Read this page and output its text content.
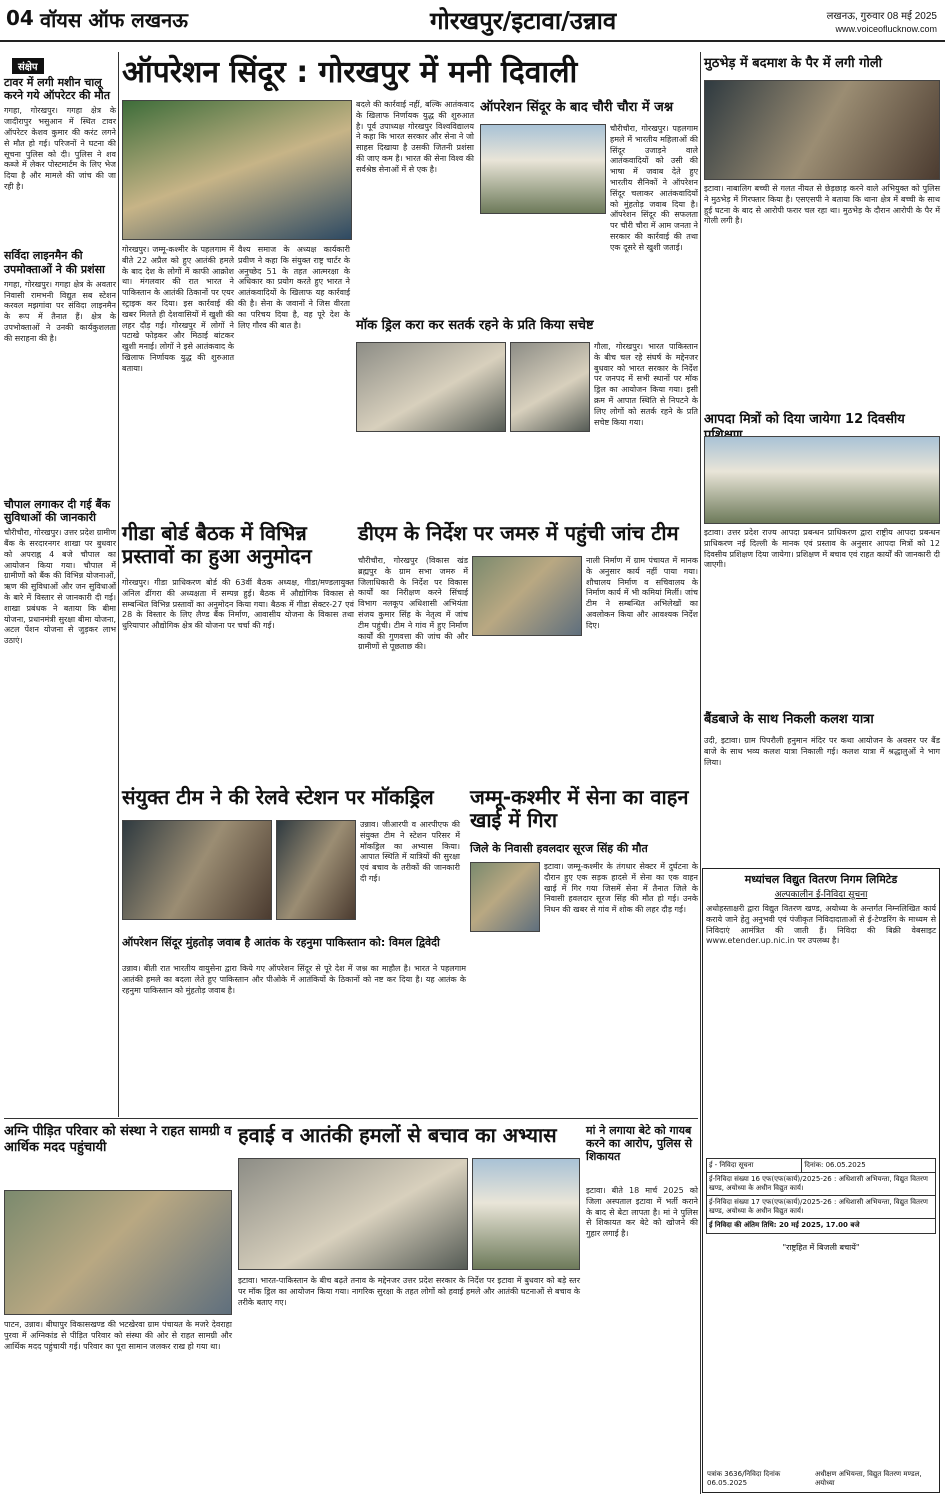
04 वॉयस ऑफ लखनऊ	गोरखपुर/इटावा/उन्नाव	लखनऊ, गुरुवार 08 मई 2025
www.voiceoflucknow.com
संक्षेप
टावर में लगी मशीन चालू करने गये ऑपरेटर की मौत
गगहा, गोरखपुर। गगहा क्षेत्र के जादीरापुर भसुआन में स्थित टावर ऑपरेटर केशव कुमार की करंट लगने से मौत हो गई। परिजनों ने घटना की सूचना पुलिस को दी। पुलिस ने शव कब्जे में लेकर पोस्टमार्टम के लिए भेज दिया है और मामले की जांच की जा रही है।
सर्विदा लाइनमैन की उपमोक्ताओं ने की प्रशंसा
गगहा, गोरखपुर। गगहा क्षेत्र के अवतार निवासी रामभनी विद्युत सब स्टेशन करवल मझगांवा पर संविदा लाइनमैन के रूप में तैनात हैं। क्षेत्र के उपभोक्ताओं ने उनकी कार्यकुशलता की सराहना की है।
चौपाल लगाकर दी गई बैंक सुविधाओं की जानकारी
चौरीचौरा, गोरखपुर। उत्तर प्रदेश ग्रामीण बैंक के सरदारनगर शाखा पर बुधवार को अपराह्न 4 बजे चौपाल का आयोजन किया गया। चौपाल में ग्रामीणों को बैंक की विभिन्न योजनाओं, ऋण की सुविधाओं और जन सुविधाओं के बारे में विस्तार से जानकारी दी गई। शाखा प्रबंधक ने बताया कि बीमा योजना, प्रधानमंत्री सुरक्षा बीमा योजना, अटल पेंशन योजना से जुड़कर लाभ उठाएं।
ऑपरेशन सिंदूर : गोरखपुर में मनी दिवाली
गोरखपुर। जम्मू-कश्मीर के पहलगाम में बीते 22 अप्रैल को हुए आतंकी हमले के बाद देश के लोगों में काफी आक्रोश था। मंगलवार की रात भारत ने पाकिस्तान के आतंकी ठिकानों पर एयर स्ट्राइक कर दिया। इस कार्रवाई की खबर मिलते ही देशवासियों में खुशी की लहर दौड़ गई। गोरखपुर में लोगों ने पटाखे फोड़कर और मिठाई बांटकर खुशी मनाई। लोगों ने इसे आतंकवाद के खिलाफ निर्णायक युद्ध की शुरुआत बताया।
वैश्य समाज के अध्यक्ष कार्यकारी प्रवीण ने कहा कि संयुक्त राष्ट्र चार्टर के अनुच्छेद 51 के तहत आत्मरक्षा के अधिकार का प्रयोग करते हुए भारत ने आतंकवादियों के खिलाफ यह कार्रवाई की है। सेना के जवानों ने जिस वीरता का परिचय दिया है, वह पूरे देश के लिए गौरव की बात है।
बदले की कार्रवाई नहीं, बल्कि आतंकवाद के खिलाफ निर्णायक युद्ध की शुरुआत है। पूर्व उपाध्यक्ष गोरखपुर विश्वविद्यालय ने कहा कि भारत सरकार और सेना ने जो साहस दिखाया है उसकी जितनी प्रशंसा की जाए कम है। भारत की सेना विश्व की सर्वश्रेष्ठ सेनाओं में से एक है।
ऑपरेशन सिंदूर के बाद चौरी चौरा में जश्न
चौरीचौरा, गोरखपुर। पहलगाम हमले में भारतीय महिलाओं की सिंदूर उजाड़ने वाले आतंकवादियों को उसी की भाषा में जवाब देते हुए भारतीय सैनिकों ने ऑपरेशन सिंदूर चलाकर आतंकवादियों को मुंहतोड़ जवाब दिया है। ऑपरेशन सिंदूर की सफलता पर चौरी चौरा में आम जनता ने सरकार की कार्रवाई की तथा एक दूसरे से खुशी जताई।
मॉक ड्रिल करा कर सतर्क रहने के प्रति किया सचेष्ट
गौला, गोरखपुर। भारत पाकिस्तान के बीच चल रहे संघर्ष के मद्देनजर बुधवार को भारत सरकार के निर्देश पर जनपद में सभी स्थानों पर मॉक ड्रिल का आयोजन किया गया। इसी क्रम में आपात स्थिति से निपटने के लिए लोगों को सतर्क रहने के प्रति सचेष्ट किया गया।
गीडा बोर्ड बैठक में विभिन्न प्रस्तावों का हुआ अनुमोदन
गोरखपुर। गीडा प्राधिकरण बोर्ड की 63वीं बैठक अध्यक्ष, गीडा/मण्डलायुक्त अनिल ढींगरा की अध्यक्षता में सम्पन्न हुई। बैठक में औद्योगिक विकास से सम्बन्धित विभिन्न प्रस्तावों का अनुमोदन किया गया। बैठक में गीडा सेक्टर-27 एवं 28 के विस्तार के लिए लैण्ड बैंक निर्माण, आवासीय योजना के विकास तथा धुरियापार औद्योगिक क्षेत्र की योजना पर चर्चा की गई।
डीएम के निर्देश पर जमरु में पहुंची जांच टीम
चौरीचौरा, गोरखपुर (विकास खंड ब्रह्मपुर के ग्राम सभा जमरु में जिलाधिकारी के निर्देश पर विकास कार्यों का निरीक्षण करने सिंचाई विभाग नलकूप अधिशासी अभियंता संजय कुमार सिंह के नेतृत्व में जांच टीम पहुंची। टीम ने गांव में हुए निर्माण कार्यों की गुणवत्ता की जांच की और ग्रामीणों से पूछताछ की।
नाली निर्माण में ग्राम पंचायत में मानक के अनुसार कार्य नहीं पाया गया। शौचालय निर्माण व सचिवालय के निर्माण कार्य में भी कमियां मिलीं। जांच टीम ने सम्बन्धित अभिलेखों का अवलोकन किया और आवश्यक निर्देश दिए।
संयुक्त टीम ने की रेलवे स्टेशन पर मॉकड्रिल
उन्नाव। जीआरपी व आरपीएफ की संयुक्त टीम ने स्टेशन परिसर में मॉकड्रिल का अभ्यास किया। आपात स्थिति में यात्रियों की सुरक्षा एवं बचाव के तरीकों की जानकारी दी गई।
जम्मू-कश्मीर में सेना का वाहन खाई में गिरा
जिले के निवासी हवलदार सूरज सिंह की मौत
इटावा। जम्मू-कश्मीर के तंगधार सेक्टर में दुर्घटना के दौरान हुए एक सड़क हादसे में सेना का एक वाहन खाई में गिर गया जिसमें सेना में तैनात जिले के निवासी हवलदार सूरज सिंह की मौत हो गई। उनके निधन की खबर से गांव में शोक की लहर दौड़ गई।
ऑपरेशन सिंदूर मुंहतोड़ जवाब है आतंक के रहनुमा पाकिस्तान को: विमल द्विवेदी
उन्नाव। बीती रात भारतीय वायुसेना द्वारा किये गए ऑपरेशन सिंदूर से पूरे देश में जश्न का माहौल है। भारत ने पहलगाम आतंकी हमले का बदला लेते हुए पाकिस्तान और पीओके में आतंकियों के ठिकानों को नष्ट कर दिया है। यह आतंक के रहनुमा पाकिस्तान को मुंहतोड़ जवाब है।
अग्नि पीड़ित परिवार को संस्था ने राहत सामग्री व आर्थिक मदद पहुंचायी
पाटन, उन्नाव। बीघापुर विकासखण्ड की भटखेरवा ग्राम पंचायत के मजरे देवराहा पुरवा में अग्निकांड से पीड़ित परिवार को संस्था की ओर से राहत सामग्री और आर्थिक मदद पहुंचायी गई। परिवार का पूरा सामान जलकर राख हो गया था।
हवाई व आतंकी हमलों से बचाव का अभ्यास
इटावा। भारत-पाकिस्तान के बीच बढ़ते तनाव के मद्देनजर उत्तर प्रदेश सरकार के निर्देश पर इटावा में बुधवार को बड़े स्तर पर मॉक ड्रिल का आयोजन किया गया। नागरिक सुरक्षा के तहत लोगों को हवाई हमले और आतंकी घटनाओं से बचाव के तरीके बताए गए।
मां ने लगाया बेटे को गायब करने का आरोप, पुलिस से शिकायत
इटावा। बीते 18 मार्च 2025 को जिला अस्पताल इटावा में भर्ती कराने के बाद से बेटा लापता है। मां ने पुलिस से शिकायत कर बेटे को खोजने की गुहार लगाई है।
मुठभेड़ में बदमाश के पैर में लगी गोली
इटावा। नाबालिग बच्ची से गलत नीयत से छेड़छाड़ करने वाले अभियुक्त को पुलिस ने मुठभेड़ में गिरफ्तार किया है। एसएसपी ने बताया कि थाना क्षेत्र में बच्ची के साथ हुई घटना के बाद से आरोपी फरार चल रहा था। मुठभेड़ के दौरान आरोपी के पैर में गोली लगी है।
आपदा मित्रों को दिया जायेगा 12 दिवसीय
इटावा। उत्तर प्रदेश राज्य आपदा प्रबन्धन प्राधिकरण द्वारा राष्ट्रीय आपदा प्रबन्धन प्राधिकरण नई दिल्ली के मानक एवं प्रस्ताव के अनुसार आपदा मित्रों को 12 दिवसीय प्रशिक्षण दिया जायेगा। प्रशिक्षण में बचाव एवं राहत कार्यों की जानकारी दी जाएगी।
बैंडबाजे के साथ निकली कलश यात्रा
उदी, इटावा। ग्राम पिपरौली हनुमान मंदिर पर कथा आयोजन के अवसर पर बैंड बाजे के साथ भव्य कलश यात्रा निकाली गई। कलश यात्रा में श्रद्धालुओं ने भाग लिया।
मध्यांचल विद्युत वितरण निगम लिमिटेड
अल्पकालीन ई-निविदा सूचना
अधोहस्ताक्षरी द्वारा विद्युत वितरण खण्ड, अयोध्या के अन्तर्गत निम्नलिखित कार्य कराये जाने हेतु अनुभवी एवं पंजीकृत निविदादाताओं से ई-टेण्डरिंग के माध्यम से निविदाएं आमंत्रित की जाती हैं। निविदा की बिक्री वेबसाइट www.etender.up.nic.in पर उपलब्ध है।
ई - निविदा सूचना	दिनांक: 06.05.2025
ई-निविदा संख्या 16 एफ(एफ(कार्य)/2025-26 : अधिशासी अभियन्ता, विद्युत वितरण खण्ड, अयोध्या के अधीन विद्युत कार्य।
ई-निविदा संख्या 17 एफ(एफ(कार्य)/2025-26 : अधिशासी अभियन्ता, विद्युत वितरण खण्ड, अयोध्या के अधीन विद्युत कार्य।
ई निविदा की अंतिम तिथि: 20 मई 2025, 17.00 बजे
"राष्ट्रहित में बिजली बचायें"
पत्रांक 3636/निविदा दिनांक 06.05.2025
अधीक्षण अभियन्ता, विद्युत वितरण मण्डल, अयोध्या
